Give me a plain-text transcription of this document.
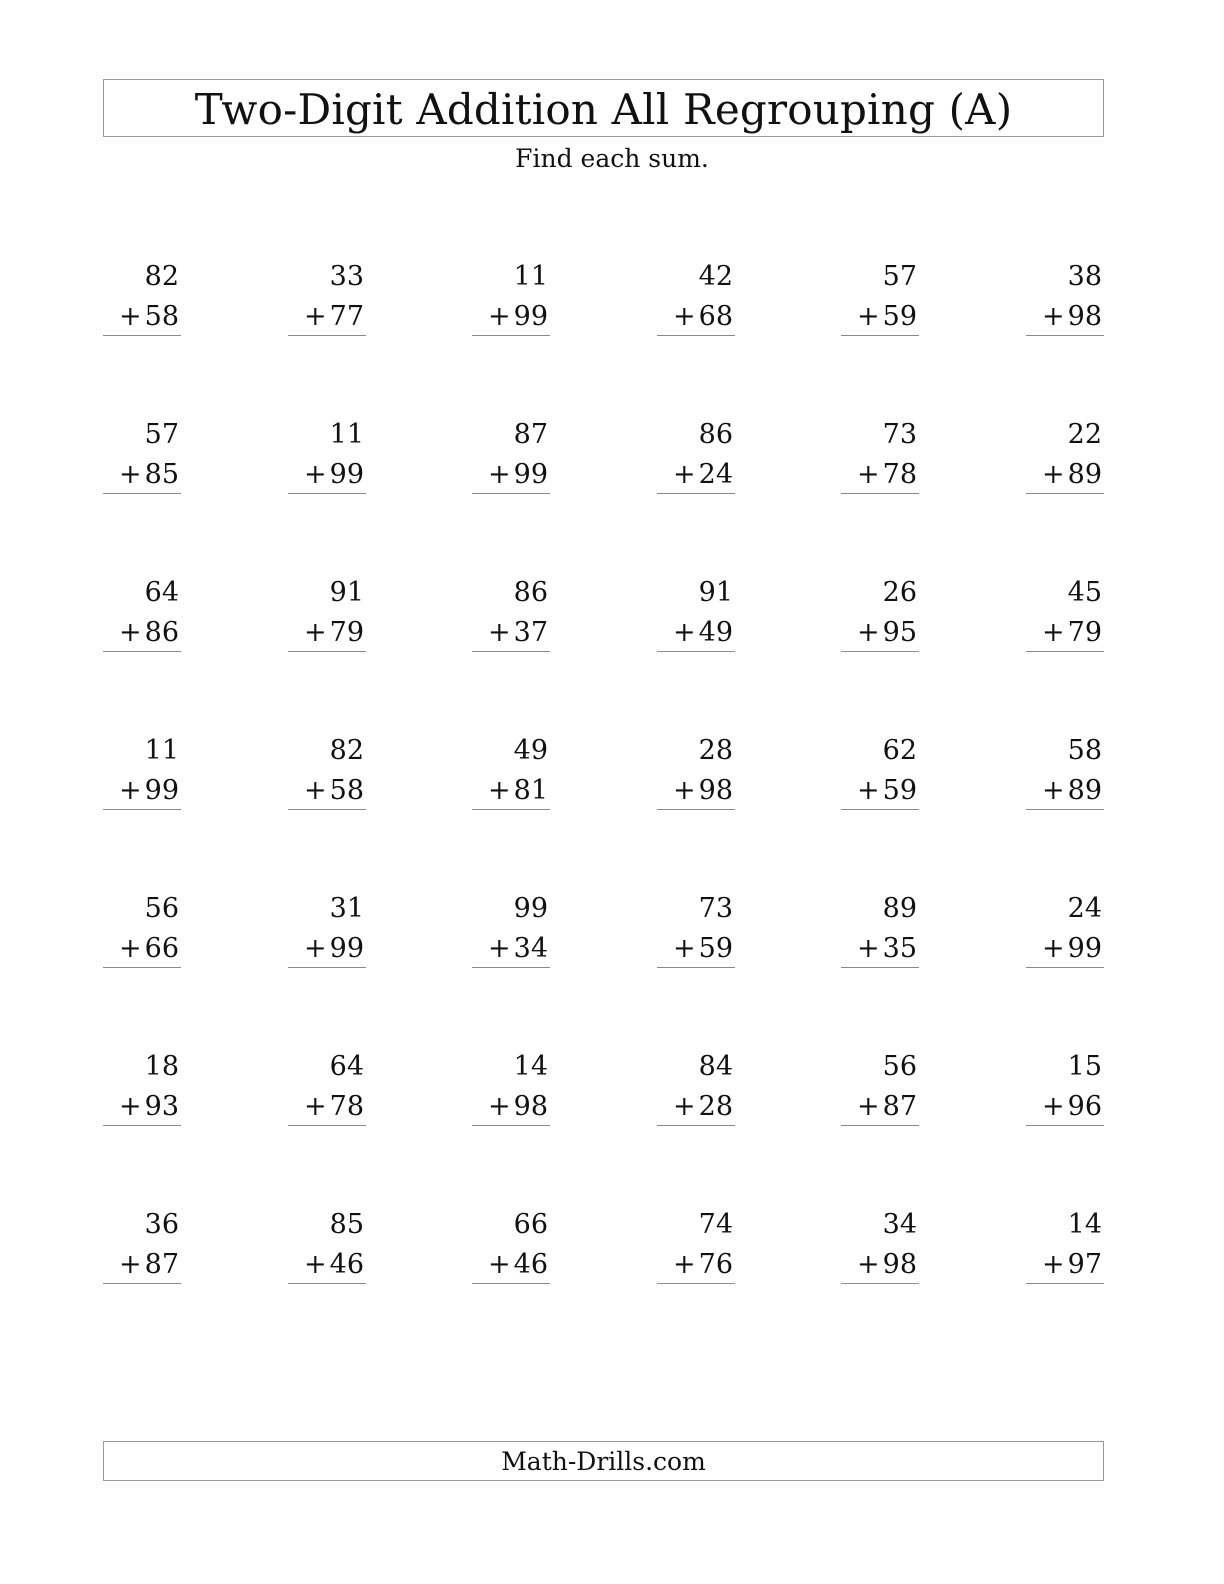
Two-Digit Addition All Regrouping (A)
Find each sum.
82
+ 58
33
+ 77
11
+ 99
42
+ 68
57
+ 59
38
+ 98
57
+ 85
11
+ 99
87
+ 99
86
+ 24
73
+ 78
22
+ 89
64
+ 86
91
+ 79
86
+ 37
91
+ 49
26
+ 95
45
+ 79
11
+ 99
82
+ 58
49
+ 81
28
+ 98
62
+ 59
58
+ 89
56
+ 66
31
+ 99
99
+ 34
73
+ 59
89
+ 35
24
+ 99
18
+ 93
64
+ 78
14
+ 98
84
+ 28
56
+ 87
15
+ 96
36
+ 87
85
+ 46
66
+ 46
74
+ 76
34
+ 98
14
+ 97
Math-Drills.com
